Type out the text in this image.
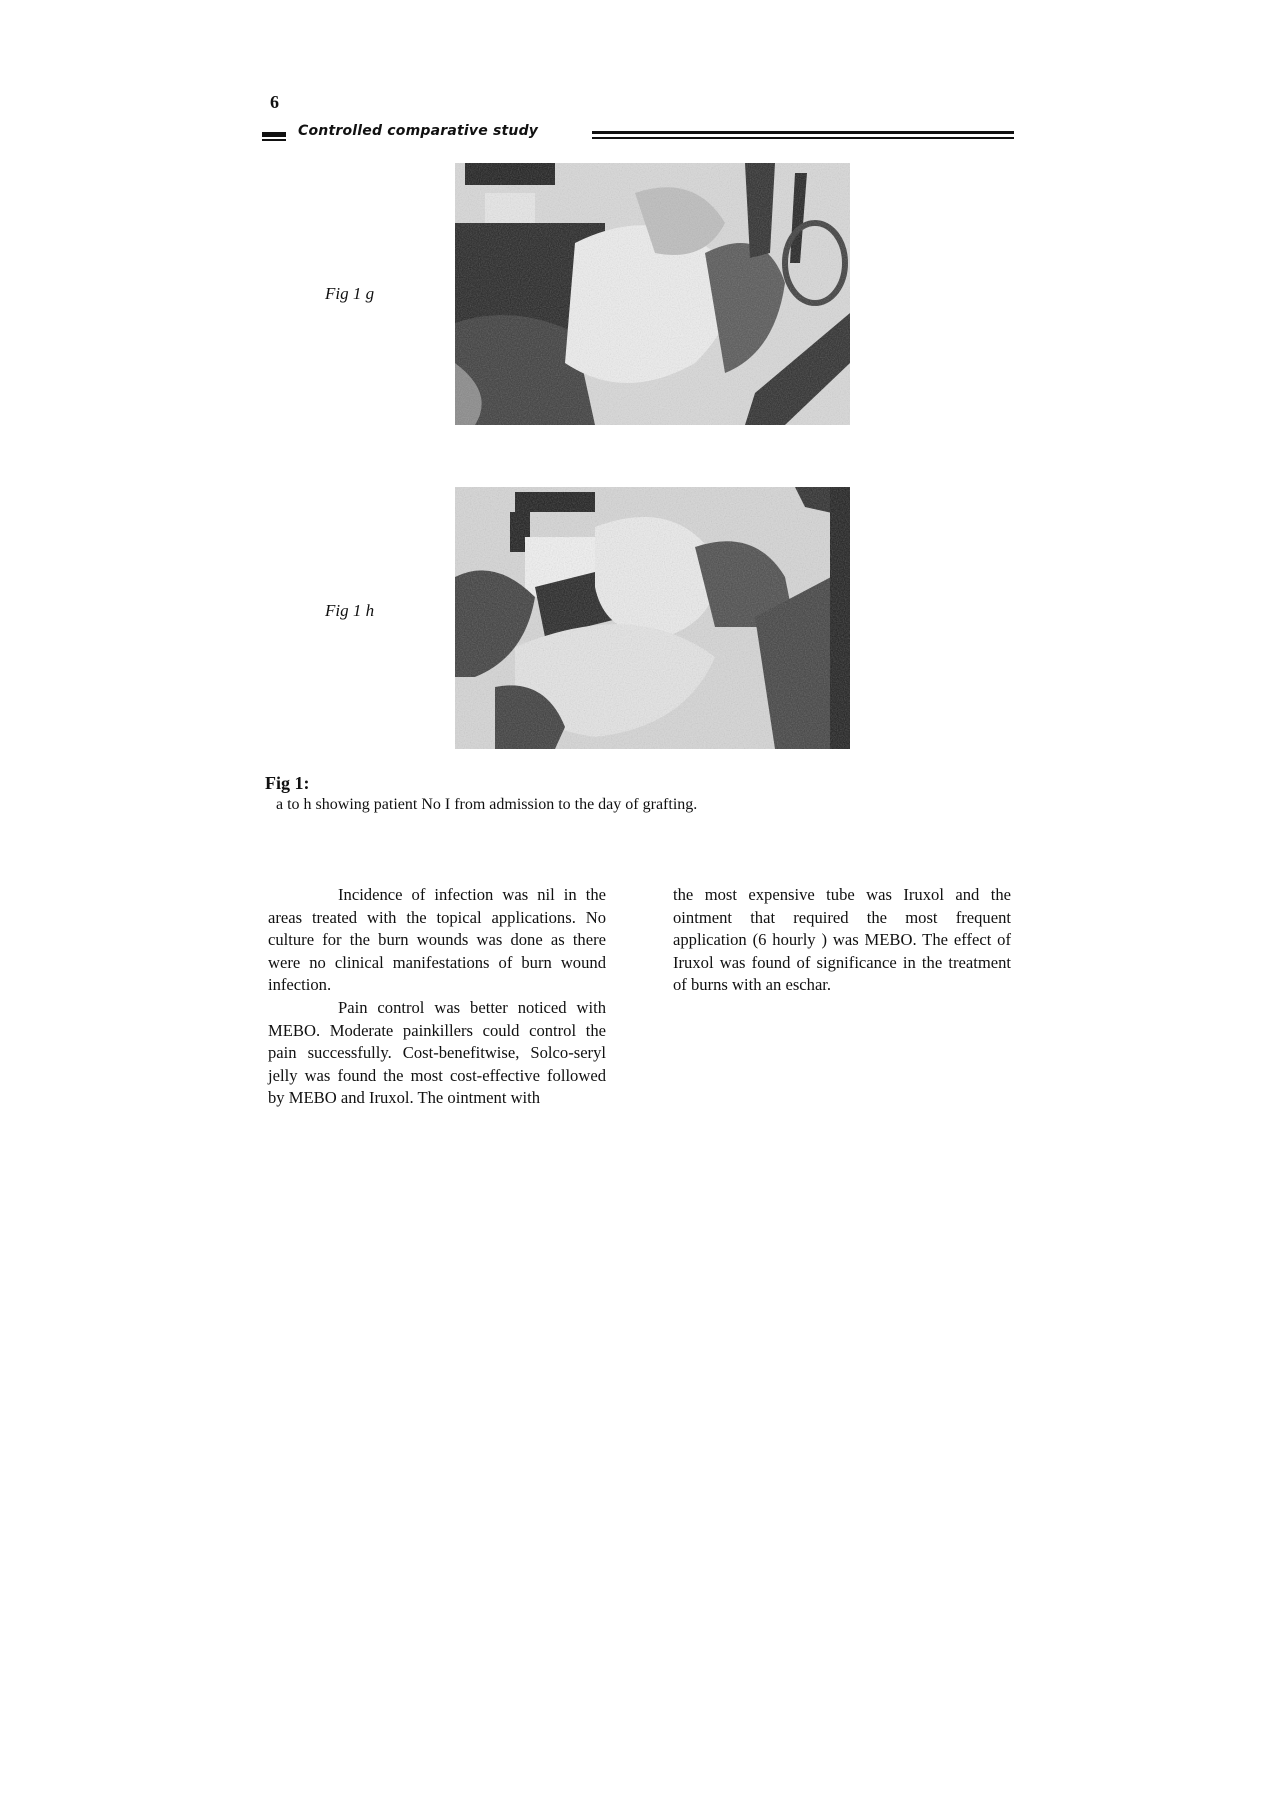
6
Controlled comparative study
Fig 1 g
Fig 1 h
Fig 1:
a to h showing patient No I from admission to the day of grafting.

Incidence of infection was nil in the areas treated with the topical applications. No culture for the burn wounds was done as there were no clinical manifestations of burn wound infection.

Pain control was better noticed with MEBO. Moderate painkillers could control the pain successfully. Cost-benefitwise, Solco-seryl jelly was found the most cost-effective followed by MEBO and Iruxol. The ointment with

the most expensive tube was Iruxol and the ointment that required the most frequent application (6 hourly ) was MEBO. The effect of Iruxol was found of significance in the treatment of burns with an eschar.
